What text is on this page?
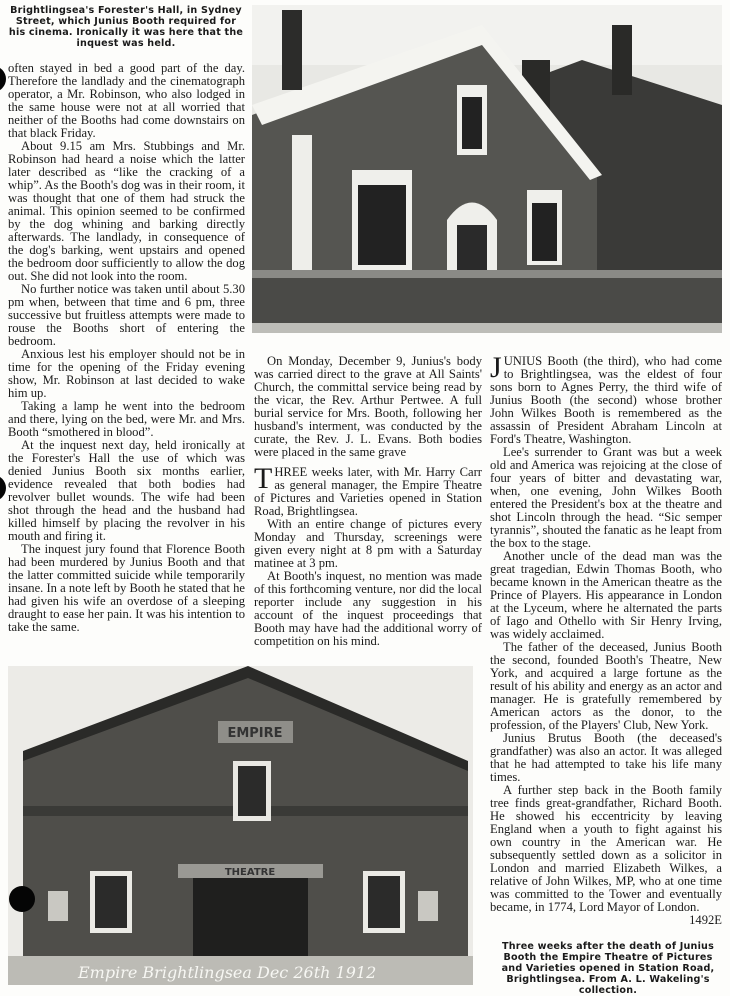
Brightlingsea's Forester's Hall, in Sydney Street, which Junius Booth required for his cinema. Ironically it was here that the inquest was held.

often stayed in bed a good part of the day. Therefore the landlady and the cinematograph operator, a Mr. Robinson, who also lodged in the same house were not at all worried that neither of the Booths had come downstairs on that black Friday.

About 9.15 am Mrs. Stubbings and Mr. Robinson had heard a noise which the latter later described as “like the cracking of a whip”. As the Booth's dog was in their room, it was thought that one of them had struck the animal. This opinion seemed to be confirmed by the dog whining and barking directly afterwards. The landlady, in consequence of the dog's barking, went upstairs and opened the bedroom door sufficiently to allow the dog out. She did not look into the room.

No further notice was taken until about 5.30 pm when, between that time and 6 pm, three successive but fruitless attempts were made to rouse the Booths short of entering the bedroom.

Anxious lest his employer should not be in time for the opening of the Friday evening show, Mr. Robinson at last decided to wake him up.

Taking a lamp he went into the bedroom and there, lying on the bed, were Mr. and Mrs. Booth “smothered in blood”.

At the inquest next day, held ironically at the Forester's Hall the use of which was denied Junius Booth six months earlier, evidence revealed that both bodies had revolver bullet wounds. The wife had been shot through the head and the husband had killed himself by placing the revolver in his mouth and firing it.

The inquest jury found that Florence Booth had been murdered by Junius Booth and that the latter committed suicide while temporarily insane. In a note left by Booth he stated that he had given his wife an overdose of a sleeping draught to ease her pain. It was his intention to take the same.

On Monday, December 9, Junius's body was carried direct to the grave at All Saints' Church, the committal service being read by the vicar, the Rev. Arthur Pertwee. A full burial service for Mrs. Booth, following her husband's interment, was conducted by the curate, the Rev. J. L. Evans. Both bodies were placed in the same grave

THREE weeks later, with Mr. Harry Carr as general manager, the Empire Theatre of Pictures and Varieties opened in Station Road, Brightlingsea.

With an entire change of pictures every Monday and Thursday, screenings were given every night at 8 pm with a Saturday matinee at 3 pm.

At Booth's inquest, no mention was made of this forthcoming venture, nor did the local reporter include any suggestion in his account of the inquest proceedings that Booth may have had the additional worry of competition on his mind.

JUNIUS Booth (the third), who had come to Brightlingsea, was the eldest of four sons born to Agnes Perry, the third wife of Junius Booth (the second) whose brother John Wilkes Booth is remembered as the assassin of President Abraham Lincoln at Ford's Theatre, Washington.

Lee's surrender to Grant was but a week old and America was rejoicing at the close of four years of bitter and devastating war, when, one evening, John Wilkes Booth entered the President's box at the theatre and shot Lincoln through the head. “Sic semper tyrannis”, shouted the fanatic as he leapt from the box to the stage.

Another uncle of the dead man was the great tragedian, Edwin Thomas Booth, who became known in the American theatre as the Prince of Players. His appearance in London at the Lyceum, where he alternated the parts of Iago and Othello with Sir Henry Irving, was widely acclaimed.

The father of the deceased, Junius Booth the second, founded Booth's Theatre, New York, and acquired a large fortune as the result of his ability and energy as an actor and manager. He is gratefully remembered by American actors as the donor, to the profession, of the Players' Club, New York.

Junius Brutus Booth (the deceased's grandfather) was also an actor. It was alleged that he had attempted to take his life many times.

A further step back in the Booth family tree finds great-grandfather, Richard Booth. He showed his eccentricity by leaving England when a youth to fight against his own country in the American war. He subsequently settled down as a solicitor in London and married Elizabeth Wilkes, a relative of John Wilkes, MP, who at one time was committed to the Tower and eventually became, in 1774, Lord Mayor of London.
1492E

Three weeks after the death of Junius Booth the Empire Theatre of Pictures and Varieties opened in Station Road, Brightlingsea. From A. L. Wakeling's collection.
EMPIRE
THEATRE
Empire Brightlingsea Dec 26th 1912
